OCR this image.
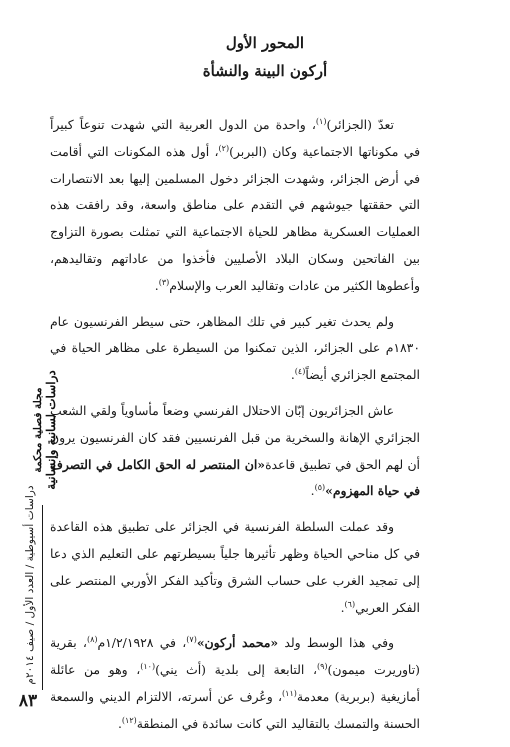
المحور الأول
أركون البينة والنشأة

تعدّ (الجزائر)$^{(١)}$، واحدة من الدول العربية التي شهدت تنوعاً كبيراً في مكوناتها الاجتماعية وكان (البربر)$^{(٢)}$، أول هذه المكونات التي أقامت في أرض الجزائر، وشهدت الجزائر دخول المسلمين إليها بعد الانتصارات التي حققتها جيوشهم في التقدم على مناطق واسعة، وقد رافقت هذه العمليات العسكرية مظاهر للحياة الاجتماعية التي تمثلت بصورة التزاوج بين الفاتحين وسكان البلاد الأصليين فأخذوا من عاداتهم وتقاليدهم، وأعطوها الكثير من عادات وتقاليد العرب والإسلام$^{(٣)}$.

ولم يحدث تغير كبير في تلك المظاهر، حتى سيطر الفرنسيون عام ١٨٣٠م على الجزائر، الذين تمكنوا من السيطرة على مظاهر الحياة في المجتمع الجزائري أيضاً$^{(٤)}$.

عاش الجزائريون إبّان الاحتلال الفرنسي وضعاً مأساوياً ولقي الشعب الجزائري الإهانة والسخرية من قبل الفرنسيين فقد كان الفرنسيون يرون أن لهم الحق في تطبيق قاعدة«ان المنتصر له الحق الكامل في التصرف في حياة المهزوم»$^{(٥)}$.

وقد عملت السلطة الفرنسية في الجزائر على تطبيق هذه القاعدة في كل مناحي الحياة وظهر تأثيرها جلياً بسيطرتهم على التعليم الذي دعا إلى تمجيد الغرب على حساب الشرق وتأكيد الفكر الأوربي المنتصر على الفكر العربي$^{(٦)}$.

وفي هذا الوسط ولد «محمد أركون»$^{(٧)}$، في ١/٢/١٩٢٨م$^{(٨)}$، بقرية (تاوريرت ميمون)$^{(٩)}$، التابعة إلى بلدية (أث يني)$^{(١٠)}$، وهو من عائلة أمازيغية (بربرية) معدمة$^{(١١)}$، وعُرف عن أسرته، الالتزام الديني والسمعة الحسنة والتمسك بالتقاليد التي كانت سائدة في المنطقة$^{(١٢)}$.

دراسات لسانية وإنسانية
مجلة فصلية محكمة
دراسات أسيوطية / العدد الأول / صيف ٢٠١٤م
٨٣
